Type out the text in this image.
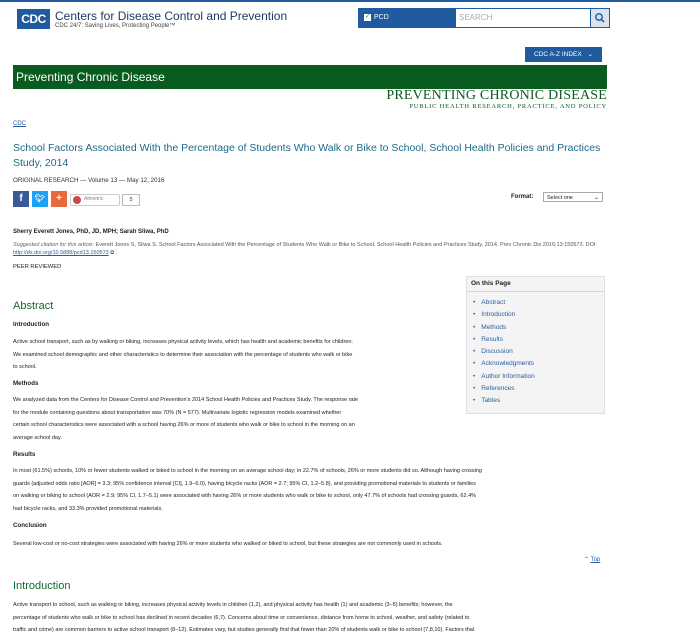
CDC Centers for Disease Control and Prevention
CDC 24/7: Saving Lives, Protecting People™
✓ PCD
SEARCH
CDC A-Z INDEX ⌄
Preventing Chronic Disease
PREVENTING CHRONIC DISEASE
PUBLIC HEALTH RESEARCH, PRACTICE, AND POLICY
CDC
School Factors Associated With the Percentage of Students Who Walk or Bike to School, School Health Policies and Practices Study, 2014
ORIGINAL RESEARCH — Volume 13 — May 12, 2016
f	🐦︎	+	Altmetric	5	Format:	Select one	⌄
Sherry Everett Jones, PhD, JD, MPH; Sarah Sliwa, PhD
Suggested citation for this article: Everett Jones S, Sliwa S. School Factors Associated With the Percentage of Students Who Walk or Bike to School, School Health Policies and Practices Study, 2014. Prev Chronic Dis 2016;13:150573. DOI: http://dx.doi.org/10.5888/pcd13.150573 ⧉ .
PEER REVIEWED
On this Page
• Abstract
• Introduction
• Methods
• Results
• Discussion
• Acknowledgments
• Author Information
• References
• Tables
Abstract
Introduction
Active school transport, such as by walking or biking, increases physical activity levels, which has health and academic benefits for children.
We examined school demographic and other characteristics to determine their association with the percentage of students who walk or bike
to school.
Methods
We analyzed data from the Centers for Disease Control and Prevention’s 2014 School Health Policies and Practices Study. The response rate
for the module containing questions about transportation was 70% (N = 577). Multivariate logistic regression models examined whether
certain school characteristics were associated with a school having 26% or more of students who walk or bike to school in the morning on an
average school day.
Results
In most (61.5%) schools, 10% or fewer students walked or biked to school in the morning on an average school day; in 22.7% of schools, 26% or more students did so. Although having crossing
guards (adjusted odds ratio [AOR] = 3.3; 95% confidence interval [CI], 1.9–6.0), having bicycle racks (AOR = 2.7; 95% CI, 1.2–5.8), and providing promotional materials to students or families
on walking or biking to school (AOR = 2.9; 95% CI, 1.7–5.1) were associated with having 26% or more students who walk or bike to school, only 47.7% of schools had crossing guards, 62.4%
had bicycle racks, and 33.3% provided promotional materials.
Conclusion
Several low-cost or no-cost strategies were associated with having 26% or more students who walked or biked to school, but these strategies are not commonly used in schools.
⌃ Top
Introduction
Active transport to school, such as walking or biking, increases physical activity levels in children (1,2), and physical activity has health (1) and academic (3–5) benefits; however, the
percentage of students who walk or bike to school has declined in recent decades (6,7). Concerns about time or convenience, distance from home to school, weather, and safety (related to
traffic and crime) are common barriers to active school transport (8–12). Estimates vary, but studies generally find that fewer than 20% of students walk or bike to school (7,8,10). Factors that
